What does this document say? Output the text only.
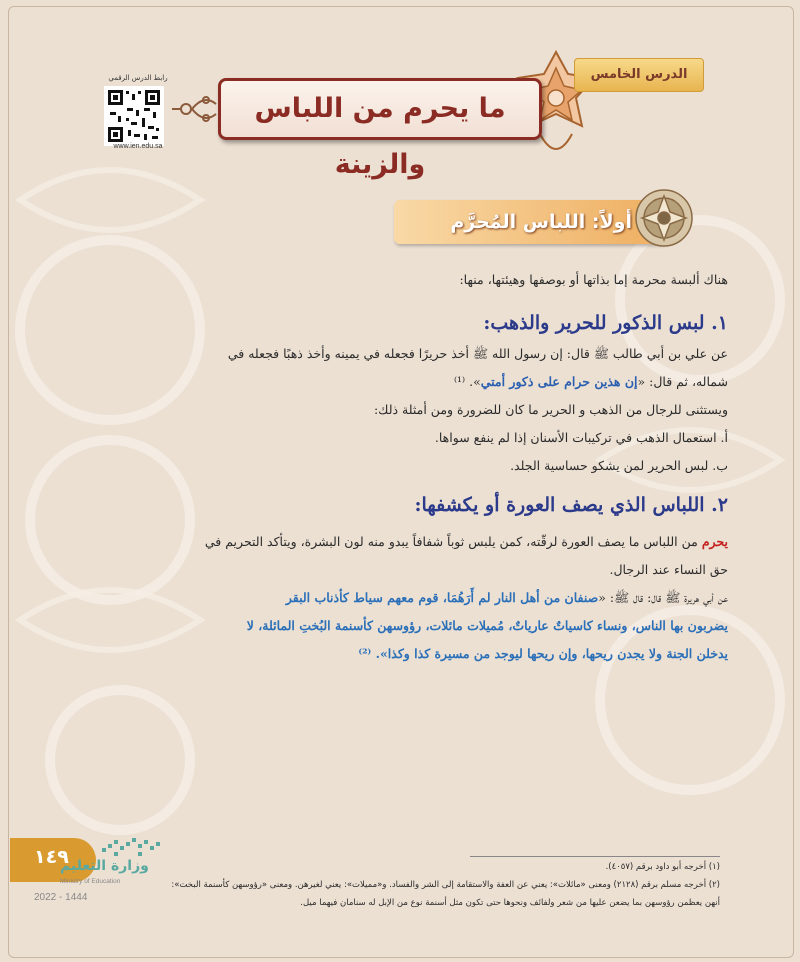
رابط الدرس الرقمي
www.ien.edu.sa
الدرس الخامس
ما يحرم من اللباس والزينة
أولاً: اللباس المُحرَّم
هناك ألبسة محرمة إما بذاتها أو بوصفها وهيئتها، منها:
١. لبس الذكور للحرير والذهب:
عن علي بن أبي طالب ﷺ قال: إن رسول الله ﷺ أخذ حريرًا فجعله في يمينه وأخذ ذهبًا فجعله في
شماله، ثم قال: «إن هذين حرام على ذكور أمتي». ⁽¹⁾
ويستثنى للرجال من الذهب و الحرير ما كان للضرورة ومن أمثلة ذلك:
أ. استعمال الذهب في تركيبات الأسنان إذا لم ينفع سواها.
ب. لبس الحرير لمن يشكو حساسية الجلد.
٢. اللباس الذي يصف العورة أو يكشفها:
يحرم من اللباس ما يصف العورة لرقّته، كمن يلبس ثوباً شفافاً يبدو منه لون البشرة، ويتأكد التحريم في
حق النساء عند الرجال.
عن أبي هريرة ﷺ قال: قال ﷺ: «صنفان من أهل النار لم أَرَهُمَا، قوم معهم سياط كأذناب البقر
يضربون بها الناس، ونساء كاسياتٌ عارياتٌ، مُميلات مائلات، رؤوسهن كأسنمة البُختِ المائلة، لا
يدخلن الجنة ولا يجدن ريحها، وإن ريحها ليوجد من مسيرة كذا وكذا». ⁽²⁾
(١) أخرجه أبو داود برقم (٤٠٥٧).
(٢) أخرجه مسلم برقم (٢١٢٨) ومعنى «مائلات»: يعني عن العفة والاستقامة إلى الشر والفساد. و«مميلات»: يعني لغيرهن. ومعنى «رؤوسهن كأسنمة البخت»:
أنهن يعظمن رؤوسهن بما يضعن عليها من شعر ولفائف ونحوها حتى تكون مثل أسنمة نوع من الإبل له سنامان فيهما ميل.
١٤٩
وزارة التعليم
Ministry of Education
2022 - 1444
